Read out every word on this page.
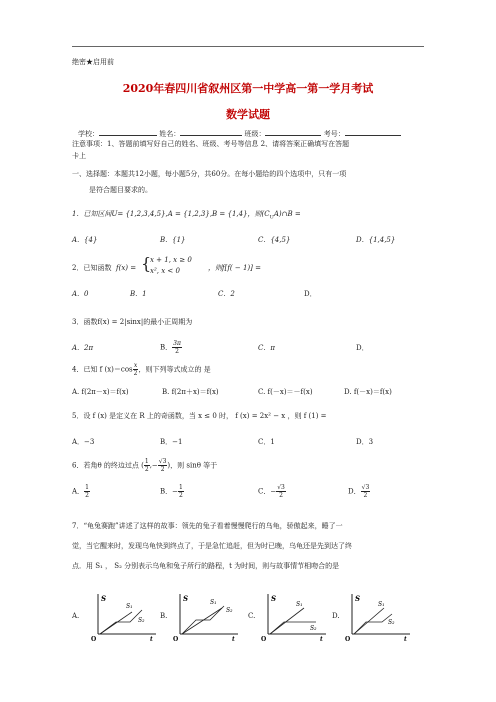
绝密★启用前
2020年春四川省叙州区第一中学高一第一学月考试
数学试题
学校：	姓名：	班级：	考号：
注意事项：1、答题前填写好自己的姓名、班级、考号等信息 2、请将答案正确填写在答题
卡上
一、选择题：本题共12小题，每小题5分，共60分。在每小题给的四个选项中，只有一项
是符合题目要求的。
1．已知区间U= {1,2,3,4,5},A = {1,2,3},B = {1,4}，则$(C_UA)\cap B$ =
A．{4}	B．{1}	C．{4,5}	D．{1,4,5}
2．已知函数 f(x) = {
x + 1, x ≥ 0
x², x < 0	，则f[f( − 1)] =
A．0	B．1	C．2	D．
3．函数f(x) = 2|sinx|的最小正周期为
A．2π	B． $\frac{3\pi}{2}$	C．π	D．
4．已知 f $(x)=\cos \frac{x}{2}$ ，则下列等式成立的 是
A. f(2π－x)＝f(x)	B. f(2π＋x)＝f(x)	C. f(－x)＝－f(x)	D. f(－x)＝f(x)
5．设 f (x) 是定义在 R 上的奇函数，当 x ≤ 0 时， f (x) = 2x² − x ，则 f (1) =
A．−3	B．−1	C．1	D．3
6．若角θ 的终边过点 ( $\frac{1}{2}$ ,− $\frac{√3}{2}$ )，则 sinθ 等于
A． $\frac{1}{2}$	B．− $\frac{1}{2}$	C．− $\frac{√3}{2}$	D． $\frac{√3}{2}$
7．“龟兔赛跑”讲述了这样的故事：领先的兔子看着慢慢爬行的乌龟，骄傲起来，睡了一
觉，当它醒来时，发现乌龟快到终点了，于是急忙追赶，但为时已晚，乌龟还是先到达了终
点．用 S₁ ， S₂ 分别表示乌龟和兔子所行的路程，t 为时间，则与故事情节相吻合的是
A.	B.	C.	D.
S
O	t
S₁
S₂
S
O	t
S₁
S₂
S
O	t
S₁
S₂
S
O	t
S₁
S₂
